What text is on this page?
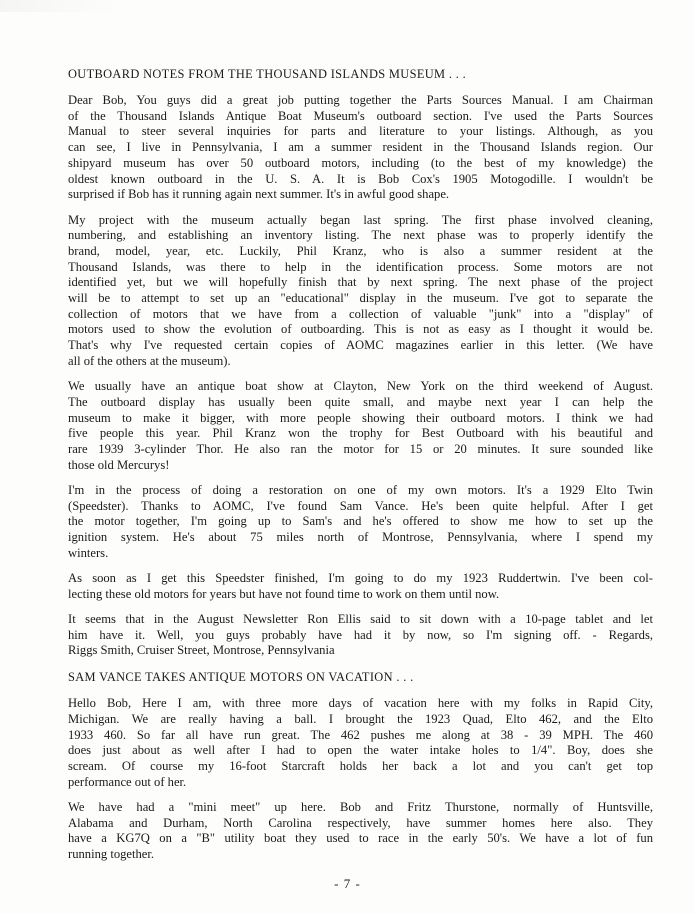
OUTBOARD NOTES FROM THE THOUSAND ISLANDS MUSEUM . . .

Dear Bob, You guys did a great job putting together the Parts Sources Manual. I am Chairman
of the Thousand Islands Antique Boat Museum's outboard section. I've used the Parts Sources
Manual to steer several inquiries for parts and literature to your listings. Although, as you
can see, I live in Pennsylvania, I am a summer resident in the Thousand Islands region. Our
shipyard museum has over 50 outboard motors, including (to the best of my knowledge) the
oldest known outboard in the U. S. A. It is Bob Cox's 1905 Motogodille. I wouldn't be
surprised if Bob has it running again next summer. It's in awful good shape.

My project with the museum actually began last spring. The first phase involved cleaning,
numbering, and establishing an inventory listing. The next phase was to properly identify the
brand, model, year, etc. Luckily, Phil Kranz, who is also a summer resident at the
Thousand Islands, was there to help in the identification process. Some motors are not
identified yet, but we will hopefully finish that by next spring. The next phase of the project
will be to attempt to set up an "educational" display in the museum. I've got to separate the
collection of motors that we have from a collection of valuable "junk" into a "display" of
motors used to show the evolution of outboarding. This is not as easy as I thought it would be.
That's why I've requested certain copies of AOMC magazines earlier in this letter. (We have
all of the others at the museum).

We usually have an antique boat show at Clayton, New York on the third weekend of August.
The outboard display has usually been quite small, and maybe next year I can help the
museum to make it bigger, with more people showing their outboard motors. I think we had
five people this year. Phil Kranz won the trophy for Best Outboard with his beautiful and
rare 1939 3-cylinder Thor. He also ran the motor for 15 or 20 minutes. It sure sounded like
those old Mercurys!

I'm in the process of doing a restoration on one of my own motors. It's a 1929 Elto Twin
(Speedster). Thanks to AOMC, I've found Sam Vance. He's been quite helpful. After I get
the motor together, I'm going up to Sam's and he's offered to show me how to set up the
ignition system. He's about 75 miles north of Montrose, Pennsylvania, where I spend my
winters.

As soon as I get this Speedster finished, I'm going to do my 1923 Ruddertwin. I've been col-
lecting these old motors for years but have not found time to work on them until now.

It seems that in the August Newsletter Ron Ellis said to sit down with a 10-page tablet and let
him have it. Well, you guys probably have had it by now, so I'm signing off. - Regards,
Riggs Smith, Cruiser Street, Montrose, Pennsylvania

SAM VANCE TAKES ANTIQUE MOTORS ON VACATION . . .

Hello Bob, Here I am, with three more days of vacation here with my folks in Rapid City,
Michigan. We are really having a ball. I brought the 1923 Quad, Elto 462, and the Elto
1933 460. So far all have run great. The 462 pushes me along at 38 - 39 MPH. The 460
does just about as well after I had to open the water intake holes to 1/4". Boy, does she
scream. Of course my 16-foot Starcraft holds her back a lot and you can't get top
performance out of her.

We have had a "mini meet" up here. Bob and Fritz Thurstone, normally of Huntsville,
Alabama and Durham, North Carolina respectively, have summer homes here also. They
have a KG7Q on a "B" utility boat they used to race in the early 50's. We have a lot of fun
running together.

- 7 -
